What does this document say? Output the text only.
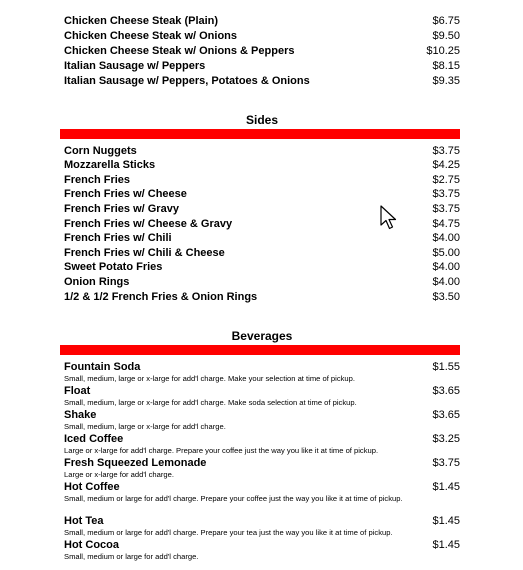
Chicken Cheese Steak (Plain)	$6.75
Chicken Cheese Steak w/ Onions	$9.50
Chicken Cheese Steak w/ Onions & Peppers	$10.25
Italian Sausage w/ Peppers	$8.15
Italian Sausage w/ Peppers, Potatoes & Onions	$9.35
Sides
Corn Nuggets	$3.75
Mozzarella Sticks	$4.25
French Fries	$2.75
French Fries w/ Cheese	$3.75
French Fries w/ Gravy	$3.75
French Fries w/ Cheese & Gravy	$4.75
French Fries w/ Chili	$4.00
French Fries w/ Chili & Cheese	$5.00
Sweet Potato Fries	$4.00
Onion Rings	$4.00
1/2 & 1/2 French Fries & Onion Rings	$3.50
Beverages
Fountain Soda	$1.55
Small, medium, large or x-large for add'l charge. Make your selection at time of pickup.
Float	$3.65
Small, medium, large or x-large for add'l charge. Make soda selection at time of pickup.
Shake	$3.65
Small, medium, large or x-large for add'l charge.
Iced Coffee	$3.25
Large or x-large for add'l charge. Prepare your coffee just the way you like it at time of pickup.
Fresh Squeezed Lemonade	$3.75
Large or x-large for add'l charge.
Hot Coffee	$1.45
Small, medium or large for add'l charge. Prepare your coffee just the way you like it at time of pickup.
Hot Tea	$1.45
Small, medium or large for add'l charge. Prepare your tea just the way you like it at time of pickup.
Hot Cocoa	$1.45
Small, medium or large for add'l charge.
